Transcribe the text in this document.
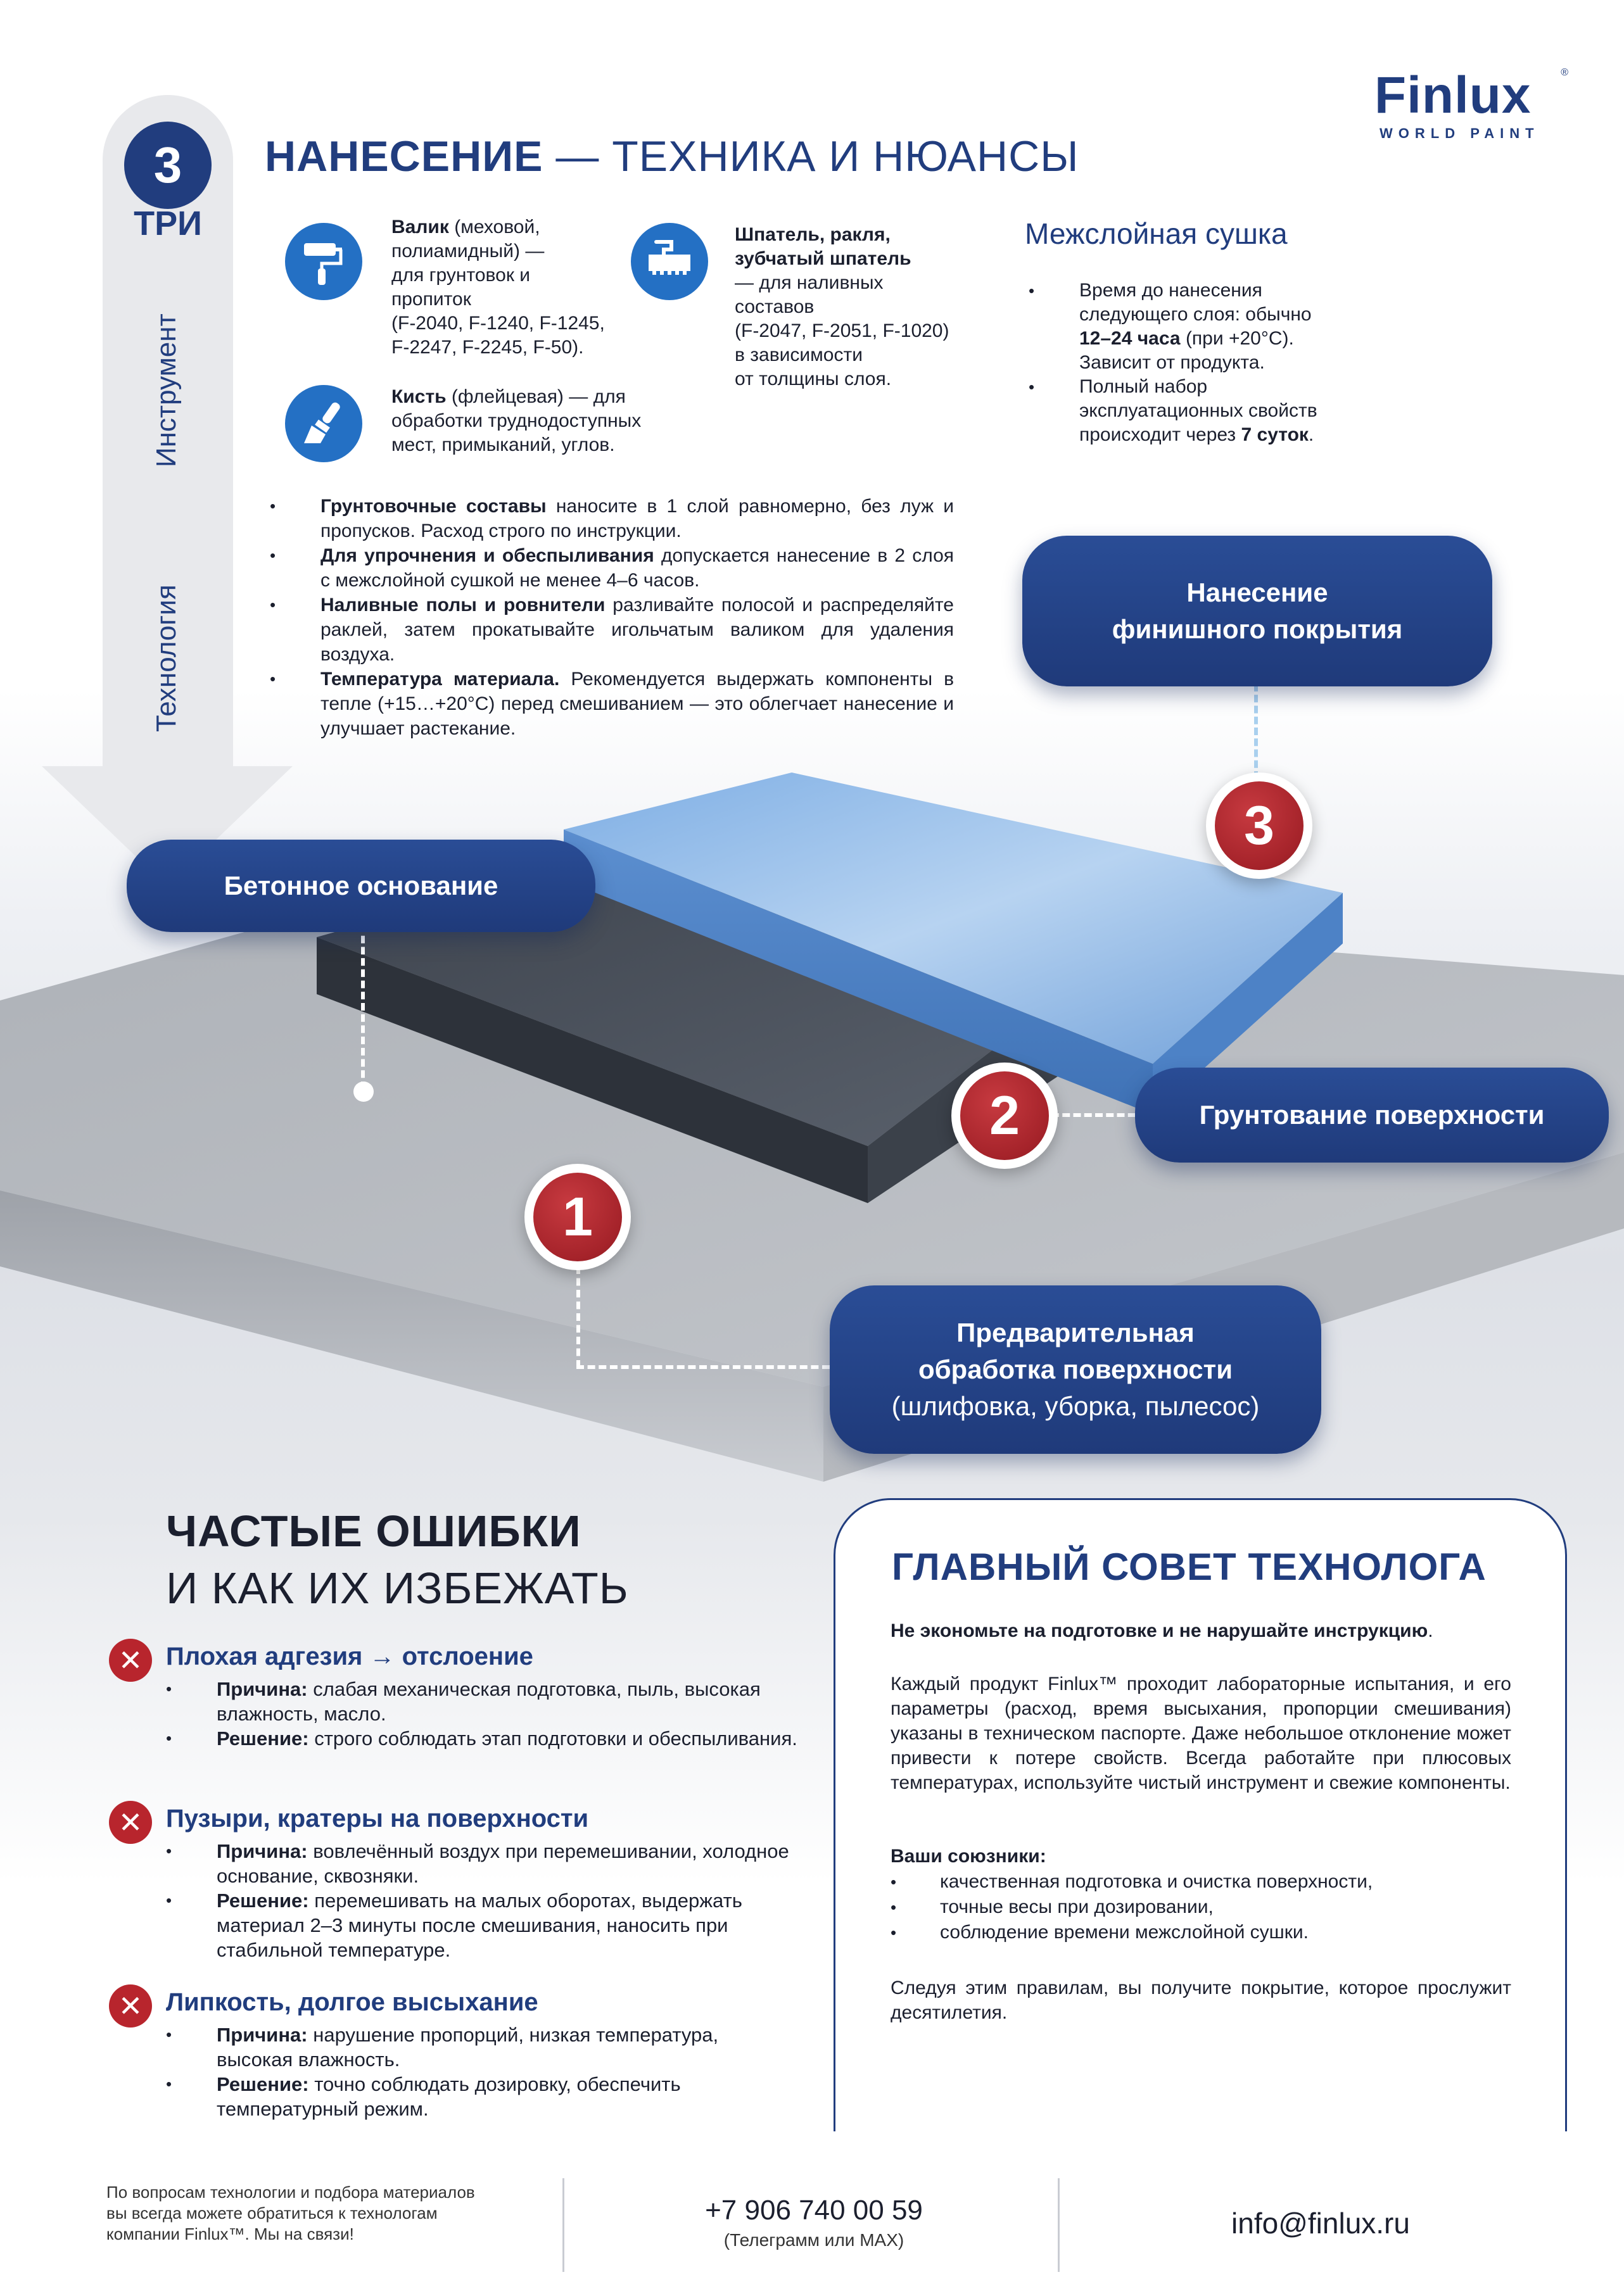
Finlux	®
WORLD PAINT
3
ТРИ
Инструмент
Технология
НАНЕСЕНИЕ — ТЕХНИКА И НЮАНСЫ
Валик (меховой,
полиамидный) —
для грунтовок и
пропиток
(F-2040, F-1240, F-1245,
F-2247, F-2245, F-50).
Кисть (флейцевая) — для
обработки труднодоступных
мест, примыканий, углов.
Шпатель, ракля,
зубчатый шпатель
— для наливных
составов
(F-2047, F-2051, F-1020)
в зависимости
от толщины слоя.
Межслойная сушка
• Время до нанесения следующего слоя: обычно 12–24 часа (при +20°C). Зависит от продукта.
• Полный набор эксплуатационных свойств происходит через 7 суток.
• Грунтовочные составы наносите в 1 слой равномерно, без луж и пропусков. Расход строго по инструкции.
• Для упрочнения и обеспыливания допускается нанесение в 2 слоя с межслойной сушкой не менее 4–6 часов.
• Наливные полы и ровнители разливайте полосой и распределяйте раклей, затем прокатывайте игольчатым валиком для удаления воздуха.
• Температура материала. Рекомендуется выдержать компоненты в тепле (+15…+20°C) перед смешиванием — это облегчает нанесение и улучшает растекание.
Бетонное основание
Нанесение
финишного покрытия
Грунтование поверхности
Предварительная
обработка поверхности
(шлифовка, уборка, пылесос)
3
2
1
ЧАСТЫЕ ОШИБКИ
И КАК ИХ ИЗБЕЖАТЬ
✕ Плохая адгезия → отслоение
• Причина: слабая механическая подготовка, пыль, высокая влажность, масло.
• Решение: строго соблюдать этап подготовки и обеспыливания.
✕ Пузыри, кратеры на поверхности
• Причина: вовлечённый воздух при перемешивании, холодное основание, сквозняки.
• Решение: перемешивать на малых оборотах, выдержать материал 2–3 минуты после смешивания, наносить при стабильной температуре.
✕ Липкость, долгое высыхание
• Причина: нарушение пропорций, низкая температура, высокая влажность.
• Решение: точно соблюдать дозировку, обеспечить температурный режим.
ГЛАВНЫЙ СОВЕТ ТЕХНОЛОГА
Не экономьте на подготовке и не нарушайте инструкцию.
Каждый продукт Finlux™ проходит лабораторные испытания, и его параметры (расход, время высыхания, пропорции смешивания) указаны в техническом паспорте. Даже небольшое отклонение может привести к потере свойств. Всегда работайте при плюсовых температурах, используйте чистый инструмент и свежие компоненты.
Ваши союзники:
• качественная подготовка и очистка поверхности,
• точные весы при дозировании,
• соблюдение времени межслойной сушки.
Следуя этим правилам, вы получите покрытие, которое прослужит десятилетия.
По вопросам технологии и подбора материалов
вы всегда можете обратиться к технологам
компании Finlux™. Мы на связи!
+7 906 740 00 59
(Телеграмм или MAX)
info@finlux.ru
